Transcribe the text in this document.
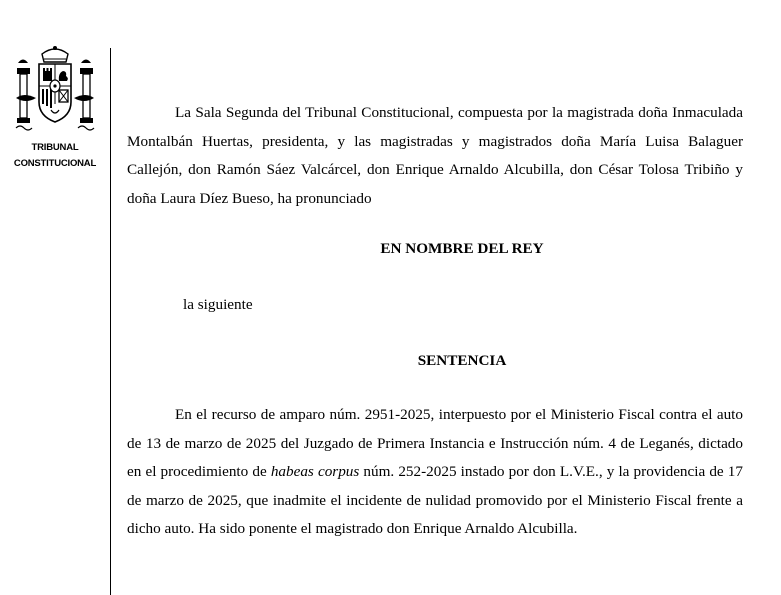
TRIBUNAL
CONSTITUCIONAL
La Sala Segunda del Tribunal Constitucional, compuesta por la magistrada doña Inmaculada Montalbán Huertas, presidenta, y las magistradas y magistrados doña María Luisa Balaguer Callejón, don Ramón Sáez Valcárcel, don Enrique Arnaldo Alcubilla, don César Tolosa Tribiño y doña Laura Díez Bueso, ha pronunciado
EN NOMBRE DEL REY
la siguiente
SENTENCIA
En el recurso de amparo núm. 2951-2025, interpuesto por el Ministerio Fiscal contra el auto de 13 de marzo de 2025 del Juzgado de Primera Instancia e Instrucción núm. 4 de Leganés, dictado en el procedimiento de habeas corpus núm. 252-2025 instado por don L.V.E., y la providencia de 17 de marzo de 2025, que inadmite el incidente de nulidad promovido por el Ministerio Fiscal frente a dicho auto. Ha sido ponente el magistrado don Enrique Arnaldo Alcubilla.
